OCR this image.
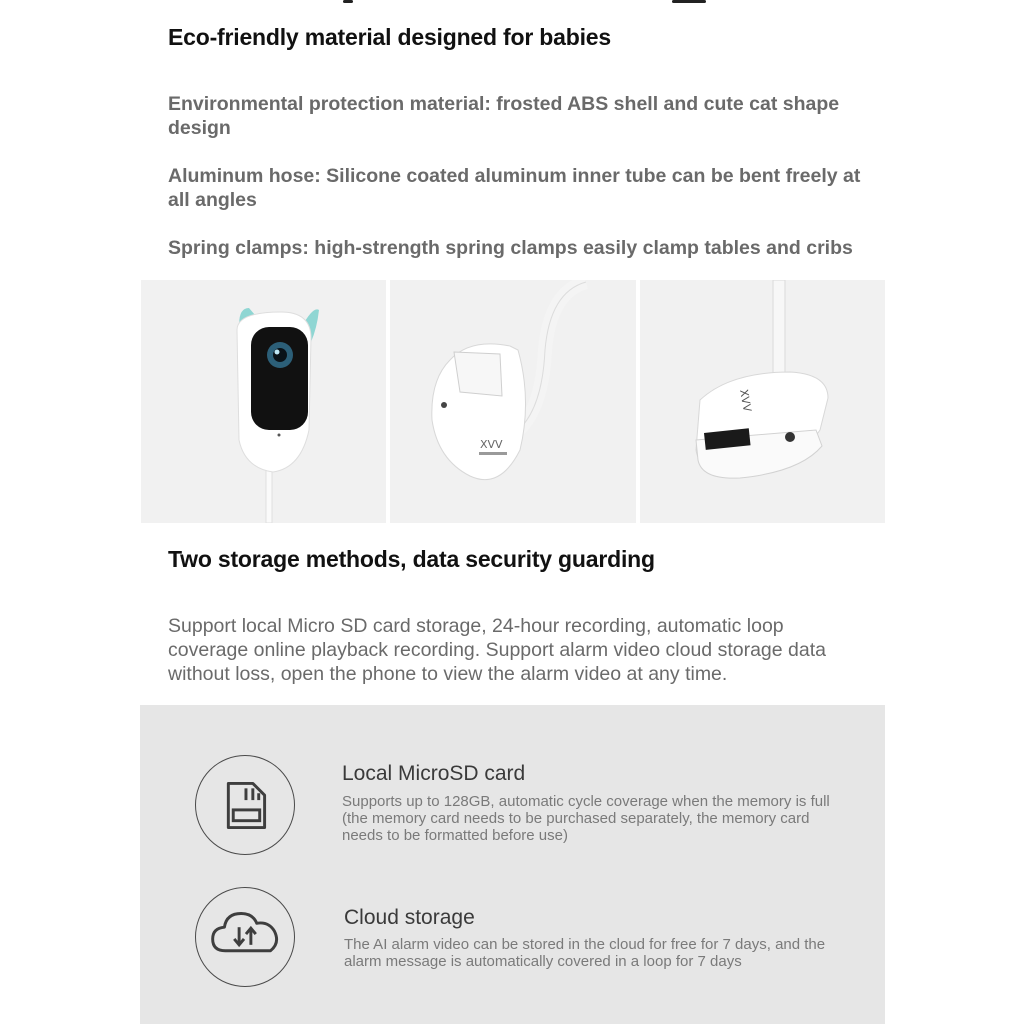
Eco-friendly material designed for babies

Environmental protection material: frosted ABS shell and cute cat shape design

Aluminum hose: Silicone coated aluminum inner tube can be bent freely at all angles

Spring clamps: high-strength spring clamps easily clamp tables and cribs

XVV
XVV
Two storage methods, data security guarding

Support local Micro SD card storage, 24-hour recording, automatic loop coverage online playback recording. Support alarm video cloud storage data without loss, open the phone to view the alarm video at any time.

Local MicroSD card

Supports up to 128GB, automatic cycle coverage when the memory is full (the memory card needs to be purchased separately, the memory card needs to be formatted before use)

Cloud storage

The AI alarm video can be stored in the cloud for free for 7 days, and the alarm message is automatically covered in a loop for 7 days
